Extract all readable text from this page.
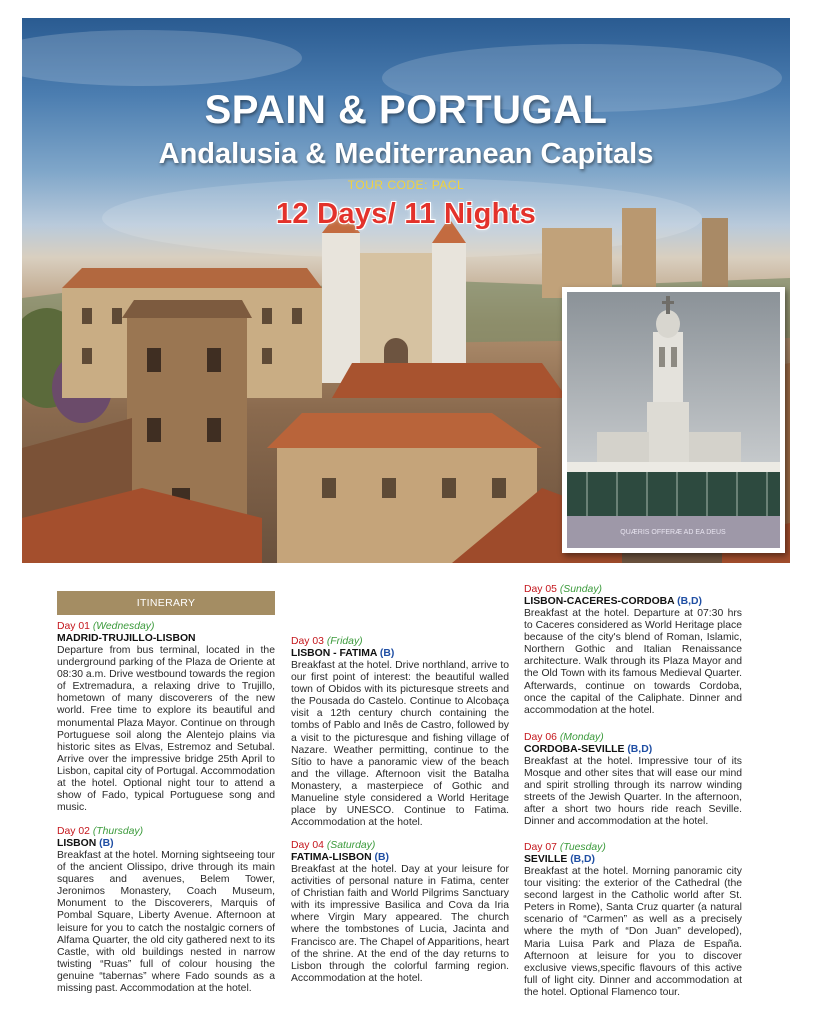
SPAIN & PORTUGAL
Andalusia & Mediterranean Capitals
TOUR CODE: PACL
12 Days/ 11 Nights
QUÆRIS OFFERÆ AD EA DEUS
ITINERARY
Day 01 (Wednesday)
MADRID-TRUJILLO-LISBON

Departure from bus terminal, located in the underground parking of the Plaza de Oriente at 08:30 a.m. Drive westbound towards the region of Extremadura, a relaxing drive to Trujillo, hometown of many discoverers of the new world. Free time to explore its beautiful and monumental Plaza Mayor. Continue on through Portuguese soil along the Alentejo plains via historic sites as Elvas, Estremoz and Setubal. Arrive over the impressive bridge 25th April to Lisbon, capital city of Portugal. Accommodation at the hotel. Optional night tour to attend a show of Fado, typical Portuguese song and music.

Day 02 (Thursday)
LISBON (B)

Breakfast at the hotel. Morning sightseeing tour of the ancient Olissipo, drive through its main squares and avenues, Belem Tower, Jeronimos Monastery, Coach Museum, Monument to the Discoverers, Marquis of Pombal Square, Liberty Avenue. Afternoon at leisure for you to catch the nostalgic corners of Alfama Quarter, the old city gathered next to its Castle, with old buildings nested in narrow twisting “Ruas” full of colour housing the genuine “tabernas” where Fado sounds as a missing past. Accommodation at the hotel.

Day 03 (Friday)
LISBON - FATIMA (B)

Breakfast at the hotel. Drive northland, arrive to our first point of interest: the beautiful walled town of Obidos with its picturesque streets and the Pousada do Castelo. Continue to Alcobaça visit a 12th century church containing the tombs of Pablo and Inês de Castro, followed by a visit to the picturesque and fishing village of Nazare. Weather permitting, continue to the Sítio to have a panoramic view of the beach and the village. Afternoon visit the Batalha Monastery, a masterpiece of Gothic and Manueline style considered a World Heritage place by UNESCO. Continue to Fatima. Accommodation at the hotel.

Day 04 (Saturday)
FATIMA-LISBON (B)

Breakfast at the hotel. Day at your leisure for activities of personal nature in Fatima, center of Christian faith and World Pilgrims Sanctuary with its impressive Basilica and Cova da Iria where Virgin Mary appeared. The church where the tombstones of Lucia, Jacinta and Francisco are. The Chapel of Apparitions, heart of the shrine. At the end of the day returns to Lisbon through the colorful farming region. Accommodation at the hotel.

Day 05 (Sunday)
LISBON-CACERES-CORDOBA (B,D)

Breakfast at the hotel. Departure at 07:30 hrs to Caceres considered as World Heritage place because of the city's blend of Roman, Islamic, Northern Gothic and Italian Renaissance architecture. Walk through its Plaza Mayor and the Old Town with its famous Medieval Quarter. Afterwards, continue on towards Cordoba, once the capital of the Caliphate. Dinner and accommodation at the hotel.

Day 06 (Monday)
CORDOBA-SEVILLE (B,D)

Breakfast at the hotel. Impressive tour of its Mosque and other sites that will ease our mind and spirit strolling through its narrow winding streets of the Jewish Quarter. In the afternoon, after a short two hours ride reach Seville. Dinner and accommodation at the hotel.

Day 07 (Tuesday)
SEVILLE (B,D)

Breakfast at the hotel. Morning panoramic city tour visiting: the exterior of the Cathedral (the second largest in the Catholic world after St. Peters in Rome), Santa Cruz quarter (a natural scenario of “Carmen” as well as a precisely where the myth of “Don Juan” developed), Maria Luisa Park and Plaza de España. Afternoon at leisure for you to discover exclusive views,specific flavours of this active full of light city. Dinner and accommodation at the hotel. Optional Flamenco tour.
